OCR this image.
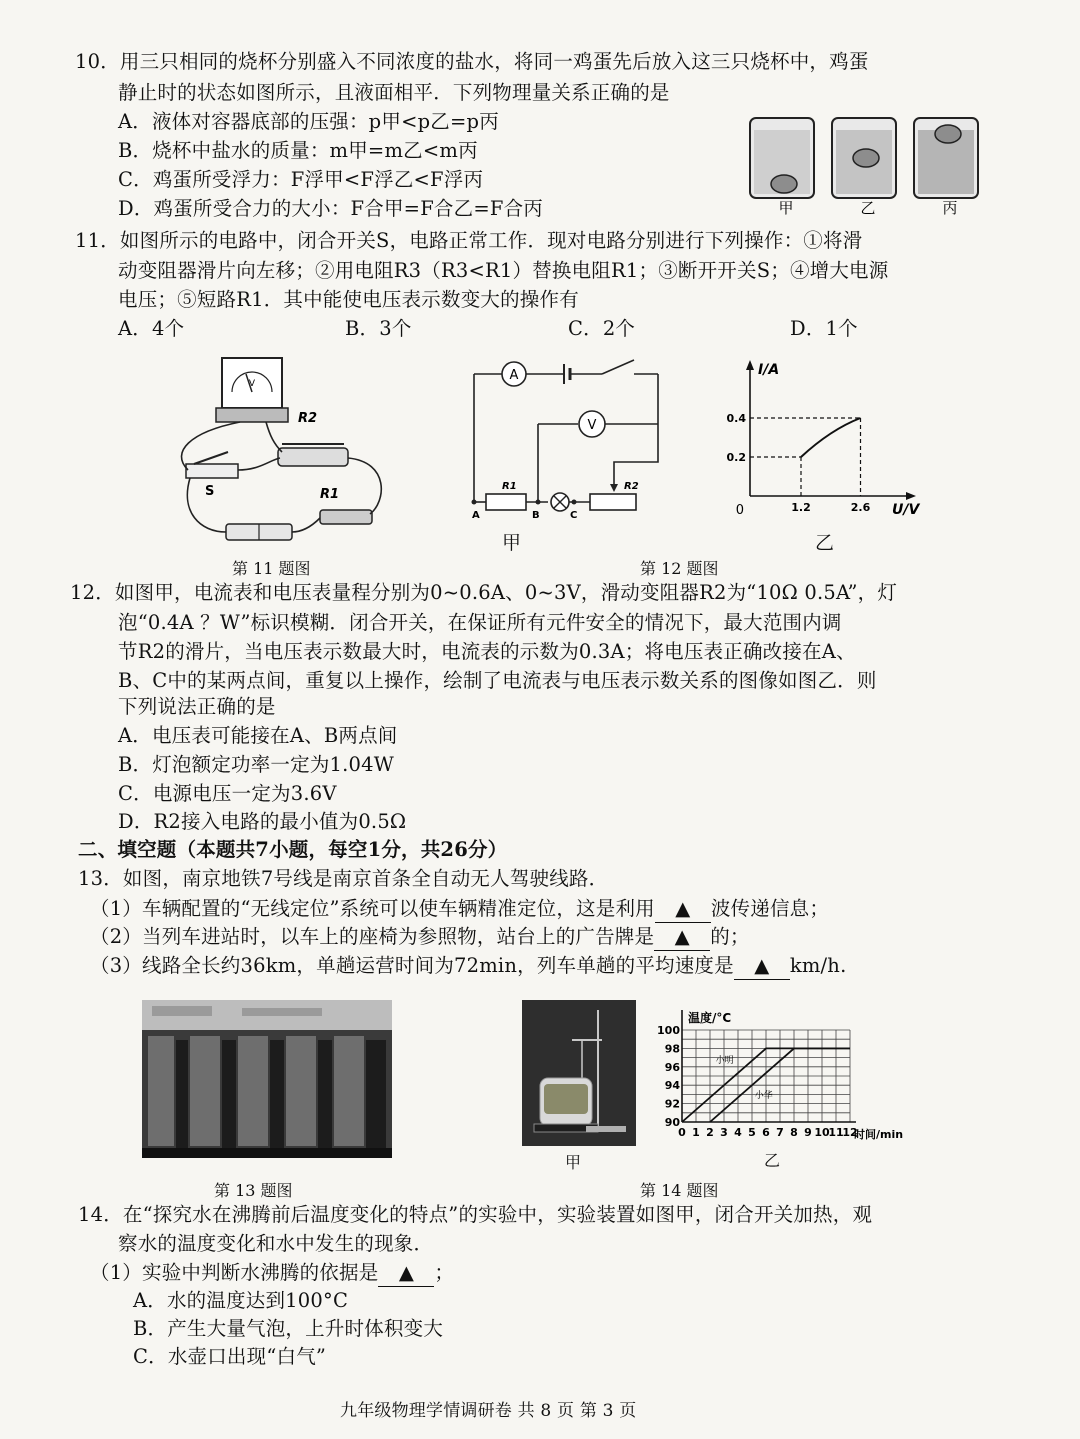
10．用三只相同的烧杯分别盛入不同浓度的盐水，将同一鸡蛋先后放入这三只烧杯中，鸡蛋
静止时的状态如图所示，且液面相平．下列物理量关系正确的是
A．液体对容器底部的压强：p甲<p乙=p丙
B．烧杯中盐水的质量：m甲=m乙<m丙
C．鸡蛋所受浮力：F浮甲<F浮乙<F浮丙
D．鸡蛋所受合力的大小：F合甲=F合乙=F合丙	甲	乙	丙
11．如图所示的电路中，闭合开关S，电路正常工作．现对电路分别进行下列操作：①将滑
动变阻器滑片向左移；②用电阻R3（R3<R1）替换电阻R1；③断开开关S；④增大电源
电压；⑤短路R1．其中能使电压表示数变大的操作有
A．4个	B．3个	C．2个	D．1个
V
R2
S	R1
第 11 题图
A
V
R1	R2
A	B	C
甲
I/A
U/V
0
0.2
0.4
1.2	2.6
乙
第 12 题图
12．如图甲，电流表和电压表量程分别为0~0.6A、0~3V，滑动变阻器R2为“10Ω 0.5A”，灯
泡“0.4A ？W”标识模糊．闭合开关，在保证所有元件安全的情况下，最大范围内调
节R2的滑片，当电压表示数最大时，电流表的示数为0.3A；将电压表正确改接在A、
B、C中的某两点间，重复以上操作，绘制了电流表与电压表示数关系的图像如图乙．则
下列说法正确的是
A．电压表可能接在A、B两点间
B．灯泡额定功率一定为1.04W
C．电源电压一定为3.6V
D．R2接入电路的最小值为0.5Ω
二、填空题（本题共7小题，每空1分，共26分）
13．如图，南京地铁7号线是南京首条全自动无人驾驶线路．
（1）车辆配置的“无线定位”系统可以使车辆精准定位，这是利用 ▲ 波传递信息；
（2）当列车进站时，以车上的座椅为参照物，站台上的广告牌是 ▲ 的；
（3）线路全长约36km，单趟运营时间为72min，列车单趟的平均速度是 ▲ km/h.
第 13 题图
甲
温度/°C
时间/min
90
92
94
96
98
100
0 1 2 3 4 5 6 7 8 9 10
11
12
小明
小华
乙
第 14 题图
14．在“探究水在沸腾前后温度变化的特点”的实验中，实验装置如图甲，闭合开关加热，观
察水的温度变化和水中发生的现象．
（1）实验中判断水沸腾的依据是 ▲ ；
A．水的温度达到100°C
B．产生大量气泡，上升时体积变大
C．水壶口出现“白气”
九年级物理学情调研卷 共 8 页 第 3 页
